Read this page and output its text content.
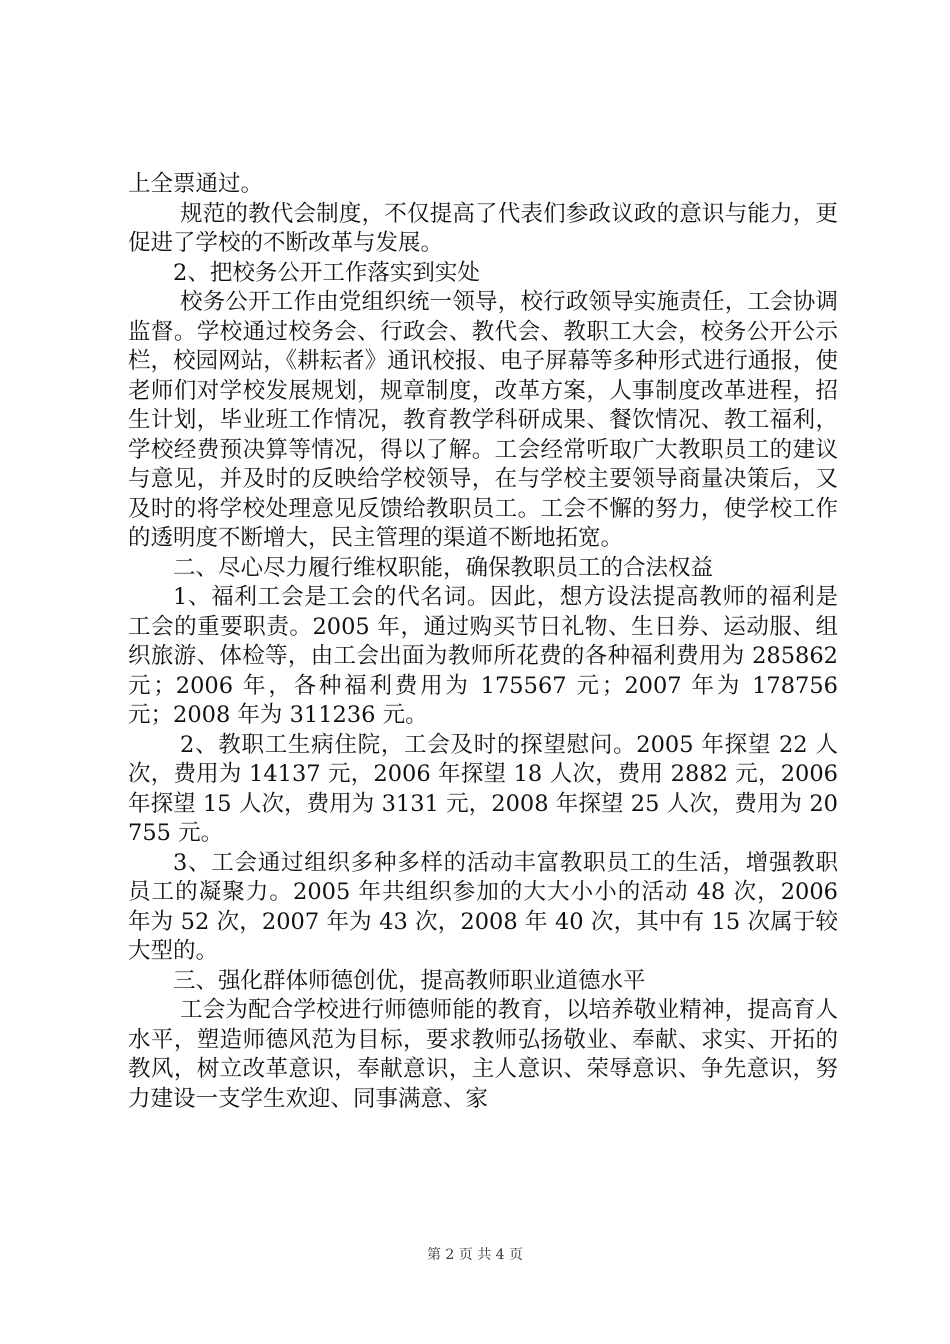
上全票通过。

规范的教代会制度，不仅提高了代表们参政议政的意识与能力，更促进了学校的不断改革与发展。

2、把校务公开工作落实到实处

校务公开工作由党组织统一领导，校行政领导实施责任，工会协调监督。学校通过校务会、行政会、教代会、教职工大会，校务公开公示栏，校园网站，《耕耘者》通讯校报、电子屏幕等多种形式进行通报，使老师们对学校发展规划，规章制度，改革方案，人事制度改革进程，招生计划，毕业班工作情况，教育教学科研成果、餐饮情况、教工福利，学校经费预决算等情况，得以了解。工会经常听取广大教职员工的建议与意见，并及时的反映给学校领导，在与学校主要领导商量决策后，又及时的将学校处理意见反馈给教职员工。工会不懈的努力，使学校工作的透明度不断增大，民主管理的渠道不断地拓宽。

二、尽心尽力履行维权职能，确保教职员工的合法权益

1、福利工会是工会的代名词。因此，想方设法提高教师的福利是工会的重要职责。2005 年，通过购买节日礼物、生日券、运动服、组织旅游、体检等，由工会出面为教师所花费的各种福利费用为 285862 元；2006 年，各种福利费用为 175567 元；2007 年为 178756 元；2008 年为 311236 元。

2、教职工生病住院，工会及时的探望慰问。2005 年探望 22 人次，费用为 14137 元，2006 年探望 18 人次，费用 2882 元，2006 年探望 15 人次，费用为 3131 元，2008 年探望 25 人次，费用为 20755 元。

3、工会通过组织多种多样的活动丰富教职员工的生活，增强教职员工的凝聚力。2005 年共组织参加的大大小小的活动 48 次，2006 年为 52 次，2007 年为 43 次，2008 年 40 次，其中有 15 次属于较大型的。

三、强化群体师德创优，提高教师职业道德水平

工会为配合学校进行师德师能的教育，以培养敬业精神，提高育人水平，塑造师德风范为目标，要求教师弘扬敬业、奉献、求实、开拓的教风，树立改革意识，奉献意识，主人意识、荣辱意识、争先意识，努力建设一支学生欢迎、同事满意、家

第 2 页 共 4 页
